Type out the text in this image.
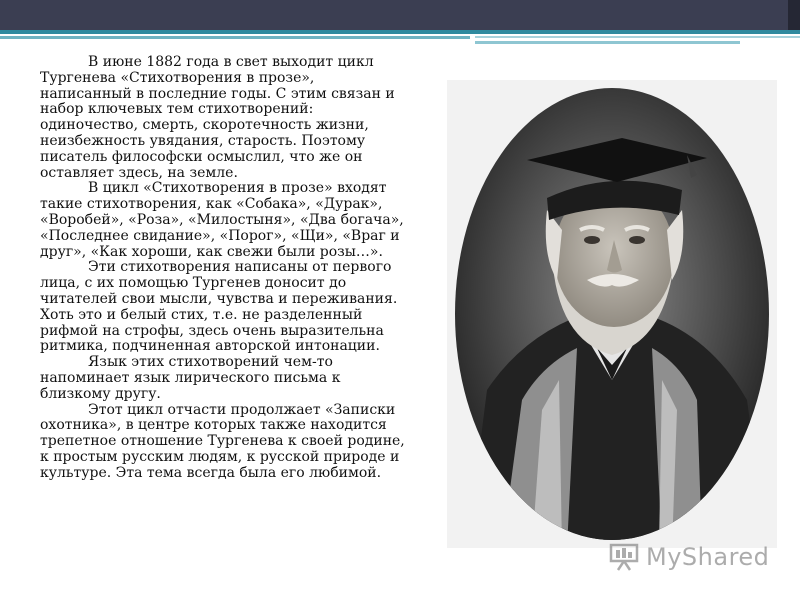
В июне 1882 года в свет выходит цикл Тургенева «Стихотворения в прозе», написанный в последние годы. С этим связан и набор ключевых тем стихотворений: одиночество, смерть, скоротечность жизни, неизбежность увядания, старость. Поэтому писатель философски осмыслил, что же он оставляет здесь, на земле.

В цикл «Стихотворения в прозе» входят такие стихотворения, как «Собака», «Дурак», «Воробей», «Роза», «Милостыня», «Два богача», «Последнее свидание», «Порог», «Щи», «Враг и друг», «Как хороши, как свежи были розы…».

Эти стихотворения написаны от первого лица, с их помощью Тургенев доносит до читателей свои мысли, чувства и переживания. Хоть это и белый стих, т.е. не разделенный рифмой на строфы, здесь очень выразительна ритмика, подчиненная авторской интонации.

Язык этих стихотворений чем-то напоминает язык лирического письма к близкому другу.

Этот цикл отчасти продолжает «Записки охотника», в центре которых также находится трепетное отношение Тургенева к своей родине, к простым русским людям, к русской природе и культуре. Эта тема всегда была его любимой.

MyShared
